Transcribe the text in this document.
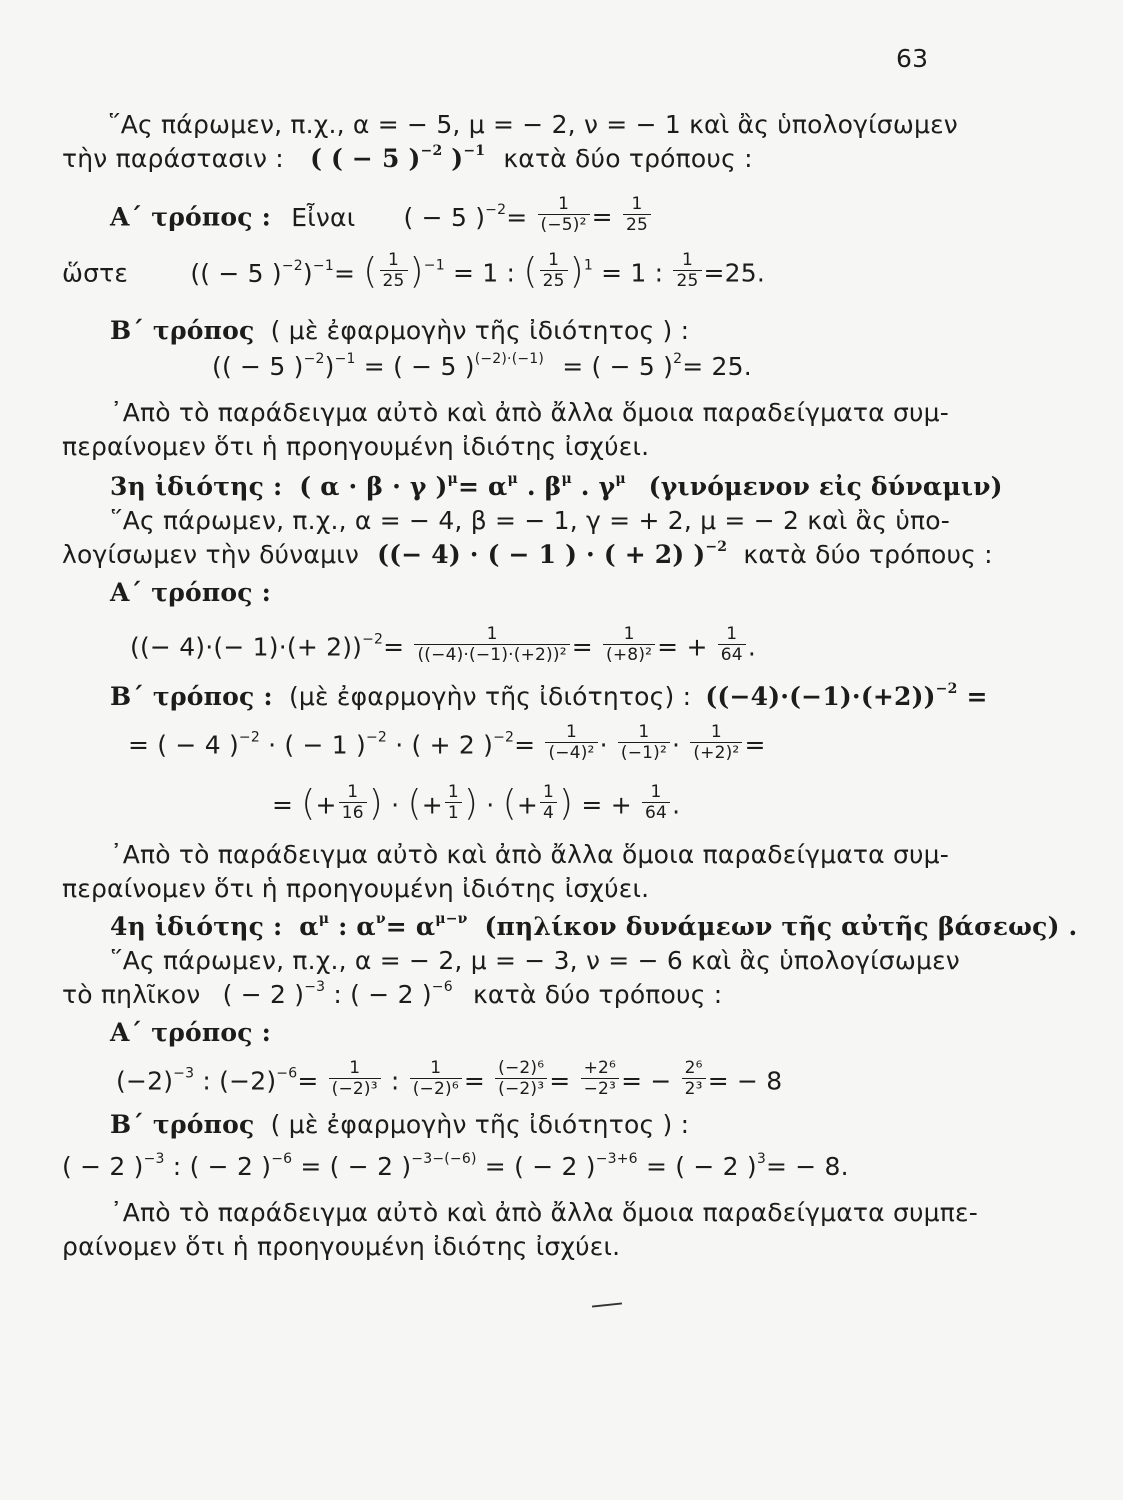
63
῞Ας πάρωμεν, π.χ., α = − 5, μ = − 2, ν = − 1 καὶ ἂς ὑπολογίσωμεν
τὴν παράστασιν : ( ( − 5 )$^{-2}$ )$^{-1}$ κατὰ δύο τρόπους :
Α΄ τρόπος : Εἶναι ( − 5 )$^{-2}= \frac{1}{\text{(−5)²}} = \frac{1}{25}$
ὥστε (( − 5 )$^{-2}$)$^{-1}$= ( $\frac{1}{25} )^{-1} = 1$ : ( $\frac{1}{25} )^1 = 1$ : $\frac{1}{25} =25$.
Β΄ τρόπος ( μὲ ἐφαρμογὴν τῆς ἰδιότητος ) :
(( − 5 )$^{-2}$)$^{-1}$ = ( − 5 )$^{(-2)\cdot(-1)}$ = ( − 5 )$^2$= 25.
᾿Απὸ τὸ παράδειγμα αὐτὸ καὶ ἀπὸ ἄλλα ὅμοια παραδείγματα συμ-
περαίνομεν ὅτι ἡ προηγουμένη ἰδιότης ἰσχύει.
3η ἰδιότης : ( α · β · γ )$^\mu= \alpha^\mu$ . $\beta^\mu$ . $\gamma^\mu$ (γινόμενον εἰς δύναμιν)
῞Ας πάρωμεν, π.χ., α = − 4, β = − 1, γ = + 2, μ = − 2 καὶ ἂς ὑπο-
λογίσωμεν τὴν δύναμιν ((− 4) · ( − 1 ) · ( + 2) )$^{-2}$ κατὰ δύο τρόπους :
Α΄ τρόπος :
((− $4)\cdot(- 1)\cdot(+ 2))^{-2}= \frac{1}{\text{((−4)·(−1)·(+2))²}} = \frac{1}{\text{(+8)²}}$ = + $\frac{1}{64}$ .
Β΄ τρόπος : (μὲ ἐφαρμογὴν τῆς ἰδιότητος) : $((-4)\cdot(-1)\cdot(+2))^{-2}$ =
= ( − 4 )$^{-2}$ · ( − 1 )$^{-2}$ · ( + 2 )$^{-2}= \frac{1}{\text{(−4)²}} \cdot \frac{1}{\text{(−1)²}} \cdot \frac{1}{\text{(+2)²}}$ =
= (+ $\frac{1}{16}$ ) · (+ $\frac{1}{1}$ ) · (+ $\frac{1}{4}$ ) = + $\frac{1}{64}$ .
᾿Απὸ τὸ παράδειγμα αὐτὸ καὶ ἀπὸ ἄλλα ὅμοια παραδείγματα συμ-
περαίνομεν ὅτι ἡ προηγουμένη ἰδιότης ἰσχύει.
4η ἰδιότης : $\alpha^\mu$ : $\alpha^\nu= \alpha^{\mu-\nu}$ (πηλίκον δυνάμεων τῆς αὐτῆς βάσεως) .
῞Ας πάρωμεν, π.χ., α = − 2, μ = − 3, ν = − 6 καὶ ἂς ὑπολογίσωμεν
τὸ πηλῖκον ( − 2 )$^{-3}$ : ( − 2 )$^{-6}$ κατὰ δύο τρόπους :
Α΄ τρόπος :
$(-2)^{-3}$ : $(-2)^{-6}= \frac{1}{\text{(−2)³}}$ : $\frac{1}{\text{(−2)⁶}} = \frac{\text{(−2)⁶}}{\text{(−2)³}} = \frac{\text{+2⁶}}{\text{−2³}}$ = − $\frac{\text{2⁶}}{\text{2³}}$ = − 8
Β΄ τρόπος ( μὲ ἐφαρμογὴν τῆς ἰδιότητος ) :
( − 2 )$^{-3}$ : ( − 2 )$^{-6}$ = ( − 2 )$^{-3-(-6)}$ = ( − 2 )$^{-3+6}$ = ( − 2 )$^3$= − 8.
᾿Απὸ τὸ παράδειγμα αὐτὸ καὶ ἀπὸ ἄλλα ὅμοια παραδείγματα συμπε-
ραίνομεν ὅτι ἡ προηγουμένη ἰδιότης ἰσχύει.
